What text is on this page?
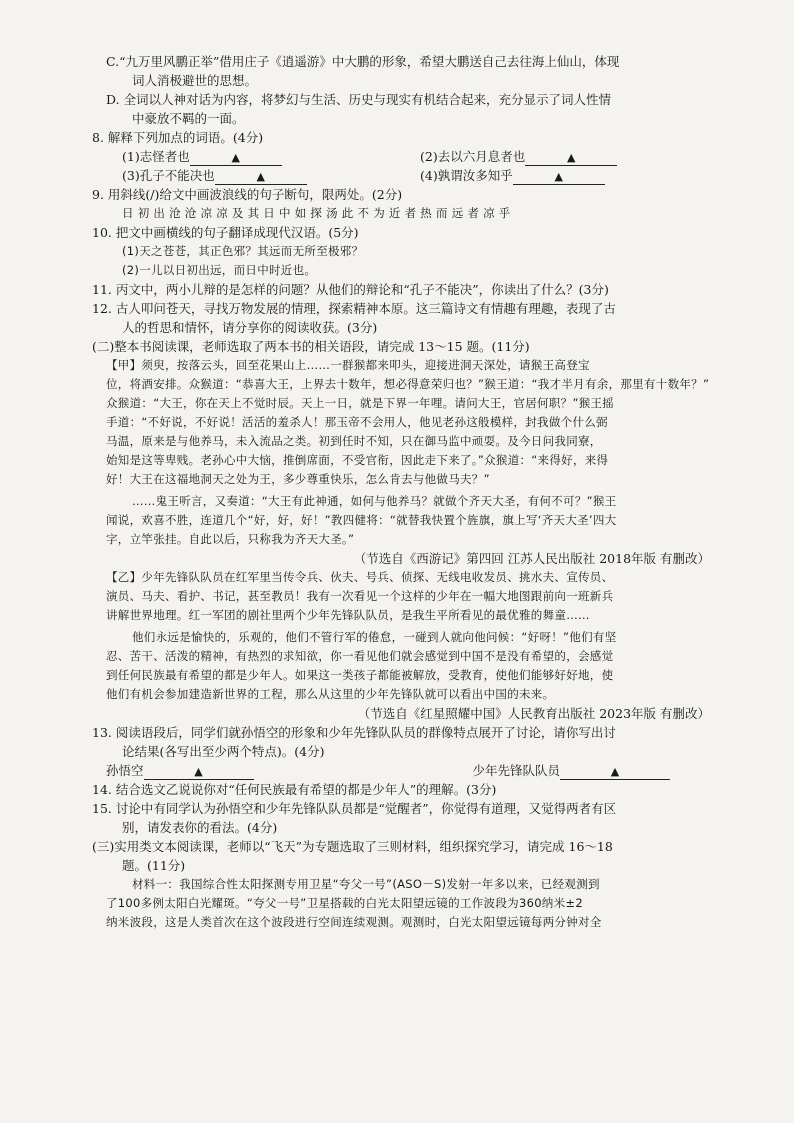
C.“九万里风鹏正举”借用庄子《逍遥游》中大鹏的形象，希望大鹏送自己去往海上仙山，体现

词人消极避世的思想。

D. 全词以人神对话为内容，将梦幻与生活、历史与现实有机结合起来，充分显示了词人性情

中豪放不羁的一面。

8. 解释下列加点的词语。(4分)

(1)志怪者也	▲	(2)去以六月息者也	▲

(3)孔子不能决也	▲	(4)孰谓汝多知乎	▲

9. 用斜线(/)给文中画波浪线的句子断句，限两处。(2分)

日初出沧沧凉凉及其日中如探汤此不为近者热而远者凉乎

10. 把文中画横线的句子翻译成现代汉语。(5分)

(1)天之苍苍，其正色邪？其远而无所至极邪？

(2)一儿以日初出远，而日中时近也。

11. 丙文中，两小儿辩的是怎样的问题？从他们的辩论和“孔子不能决”，你读出了什么？(3分)

12. 古人叩问苍天，寻找万物发展的情理，探索精神本原。这三篇诗文有情趣有理趣，表现了古

人的哲思和情怀，请分享你的阅读收获。(3分)

(二)整本书阅读课，老师选取了两本书的相关语段，请完成 13～15 题。(11分)

【甲】须臾，按落云头，回至花果山上……一群猴都来叩头，迎接进洞天深处，请猴王高登宝

位，将酒安排。众猴道：“恭喜大王，上界去十数年，想必得意荣归也？”猴王道：“我才半月有余，那里有十数年？”

众猴道：“大王，你在天上不觉时辰。天上一日，就是下界一年哩。请问大王，官居何职？”猴王摇

手道：“不好说，不好说！活活的羞杀人！那玉帝不会用人，他见老孙这般模样，封我做个什么弼

马温，原来是与他养马，未入流品之类。初到任时不知，只在御马监中顽耍。及今日问我同寮，

始知是这等卑贱。老孙心中大恼，推倒席面，不受官衔，因此走下来了。”众猴道：“来得好，来得

好！大王在这福地洞天之处为王，多少尊重快乐，怎么肯去与他做马夫？”

……鬼王听言，又奏道：“大王有此神通，如何与他养马？就做个齐天大圣，有何不可？”猴王

闻说，欢喜不胜，连道几个“好，好，好！”教四健将：“就替我快置个旌旗，旗上写‘齐天大圣’四大

字，立竿张挂。自此以后，只称我为齐天大圣。”

（节选自《西游记》第四回 江苏人民出版社 2018年版 有删改）

【乙】少年先锋队队员在红军里当传令兵、伙夫、号兵、侦探、无线电收发员、挑水夫、宣传员、

演员、马夫、看护、书记，甚至教员！我有一次看见一个这样的少年在一幅大地图跟前向一班新兵

讲解世界地理。红一军团的剧社里两个少年先锋队队员，是我生平所看见的最优雅的舞童……

他们永远是愉快的，乐观的，他们不管行军的倦怠，一碰到人就向他问候：“好呀！”他们有坚

忍、苦干、活泼的精神，有热烈的求知欲，你一看见他们就会感觉到中国不是没有希望的，会感觉

到任何民族最有希望的都是少年人。如果这一类孩子都能被解放，受教育，使他们能够好好地，使

他们有机会参加建造新世界的工程，那么从这里的少年先锋队就可以看出中国的未来。

（节选自《红星照耀中国》人民教育出版社 2023年版 有删改）

13. 阅读语段后，同学们就孙悟空的形象和少年先锋队队员的群像特点展开了讨论，请你写出讨

论结果(各写出至少两个特点)。(4分)

孙悟空	▲	少年先锋队队员	▲

14. 结合选文乙说说你对“任何民族最有希望的都是少年人”的理解。(3分)

15. 讨论中有同学认为孙悟空和少年先锋队队员都是“觉醒者”，你觉得有道理，又觉得两者有区

别，请发表你的看法。(4分)

(三)实用类文本阅读课，老师以“飞天”为专题选取了三则材料，组织探究学习，请完成 16～18

题。(11分)

材料一：我国综合性太阳探测专用卫星“夸父一号”(ASO－S)发射一年多以来，已经观测到

了100多例太阳白光耀斑。“夸父一号”卫星搭载的白光太阳望远镜的工作波段为360纳米±2

纳米波段，这是人类首次在这个波段进行空间连续观测。观测时，白光太阳望远镜每两分钟对全
